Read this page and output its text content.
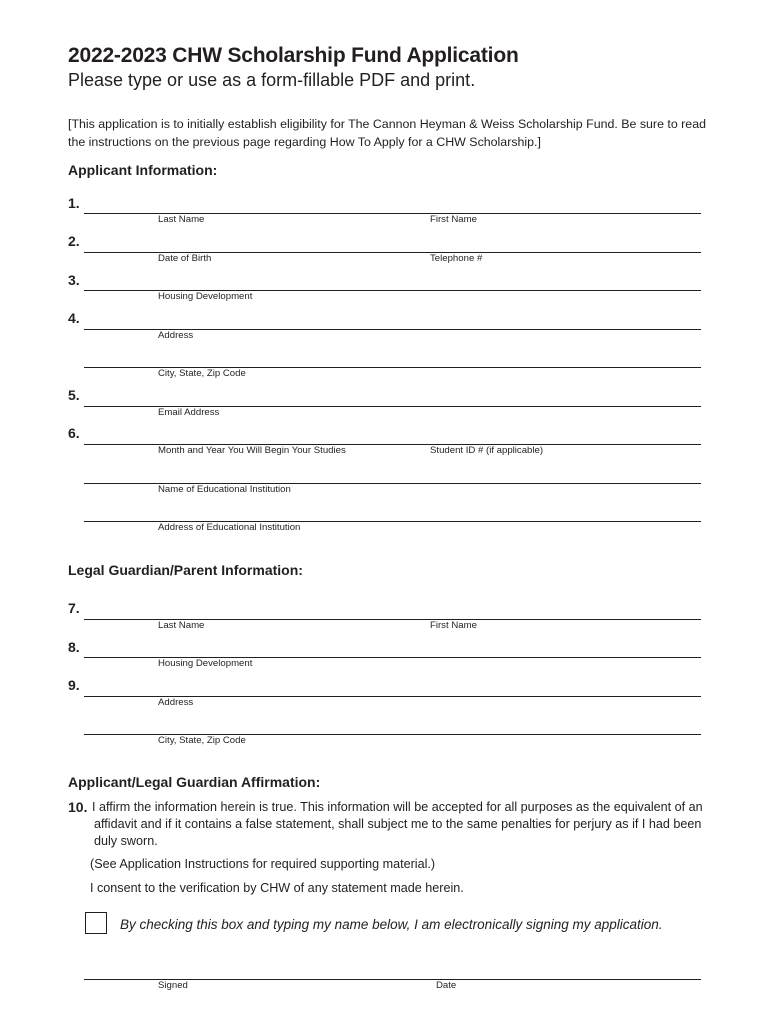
2022-2023 CHW Scholarship Fund Application
Please type or use as a form-fillable PDF and print.
[This application is to initially establish eligibility for The Cannon Heyman & Weiss Scholarship Fund. Be sure to read the instructions on the previous page regarding How To Apply for a CHW Scholarship.]
Applicant Information:
1.
Last Name	First Name
2.
Date of Birth	Telephone #
3.
Housing Development
4.
Address
City, State, Zip Code
5.
Email Address
6.
Month and Year You Will Begin Your Studies	Student ID # (if applicable)
Name of Educational Institution
Address of Educational Institution
Legal Guardian/Parent Information:
7.
Last Name	First Name
8.
Housing Development
9.
Address
City, State, Zip Code
Applicant/Legal Guardian Affirmation:
10. I affirm the information herein is true. This information will be accepted for all purposes as the equivalent of an affidavit and if it contains a false statement, shall subject me to the same penalties for perjury as if I had been duly sworn.
(See Application Instructions for required supporting material.)
I consent to the verification by CHW of any statement made herein.
By checking this box and typing my name below, I am electronically signing my application.
Signed	Date
